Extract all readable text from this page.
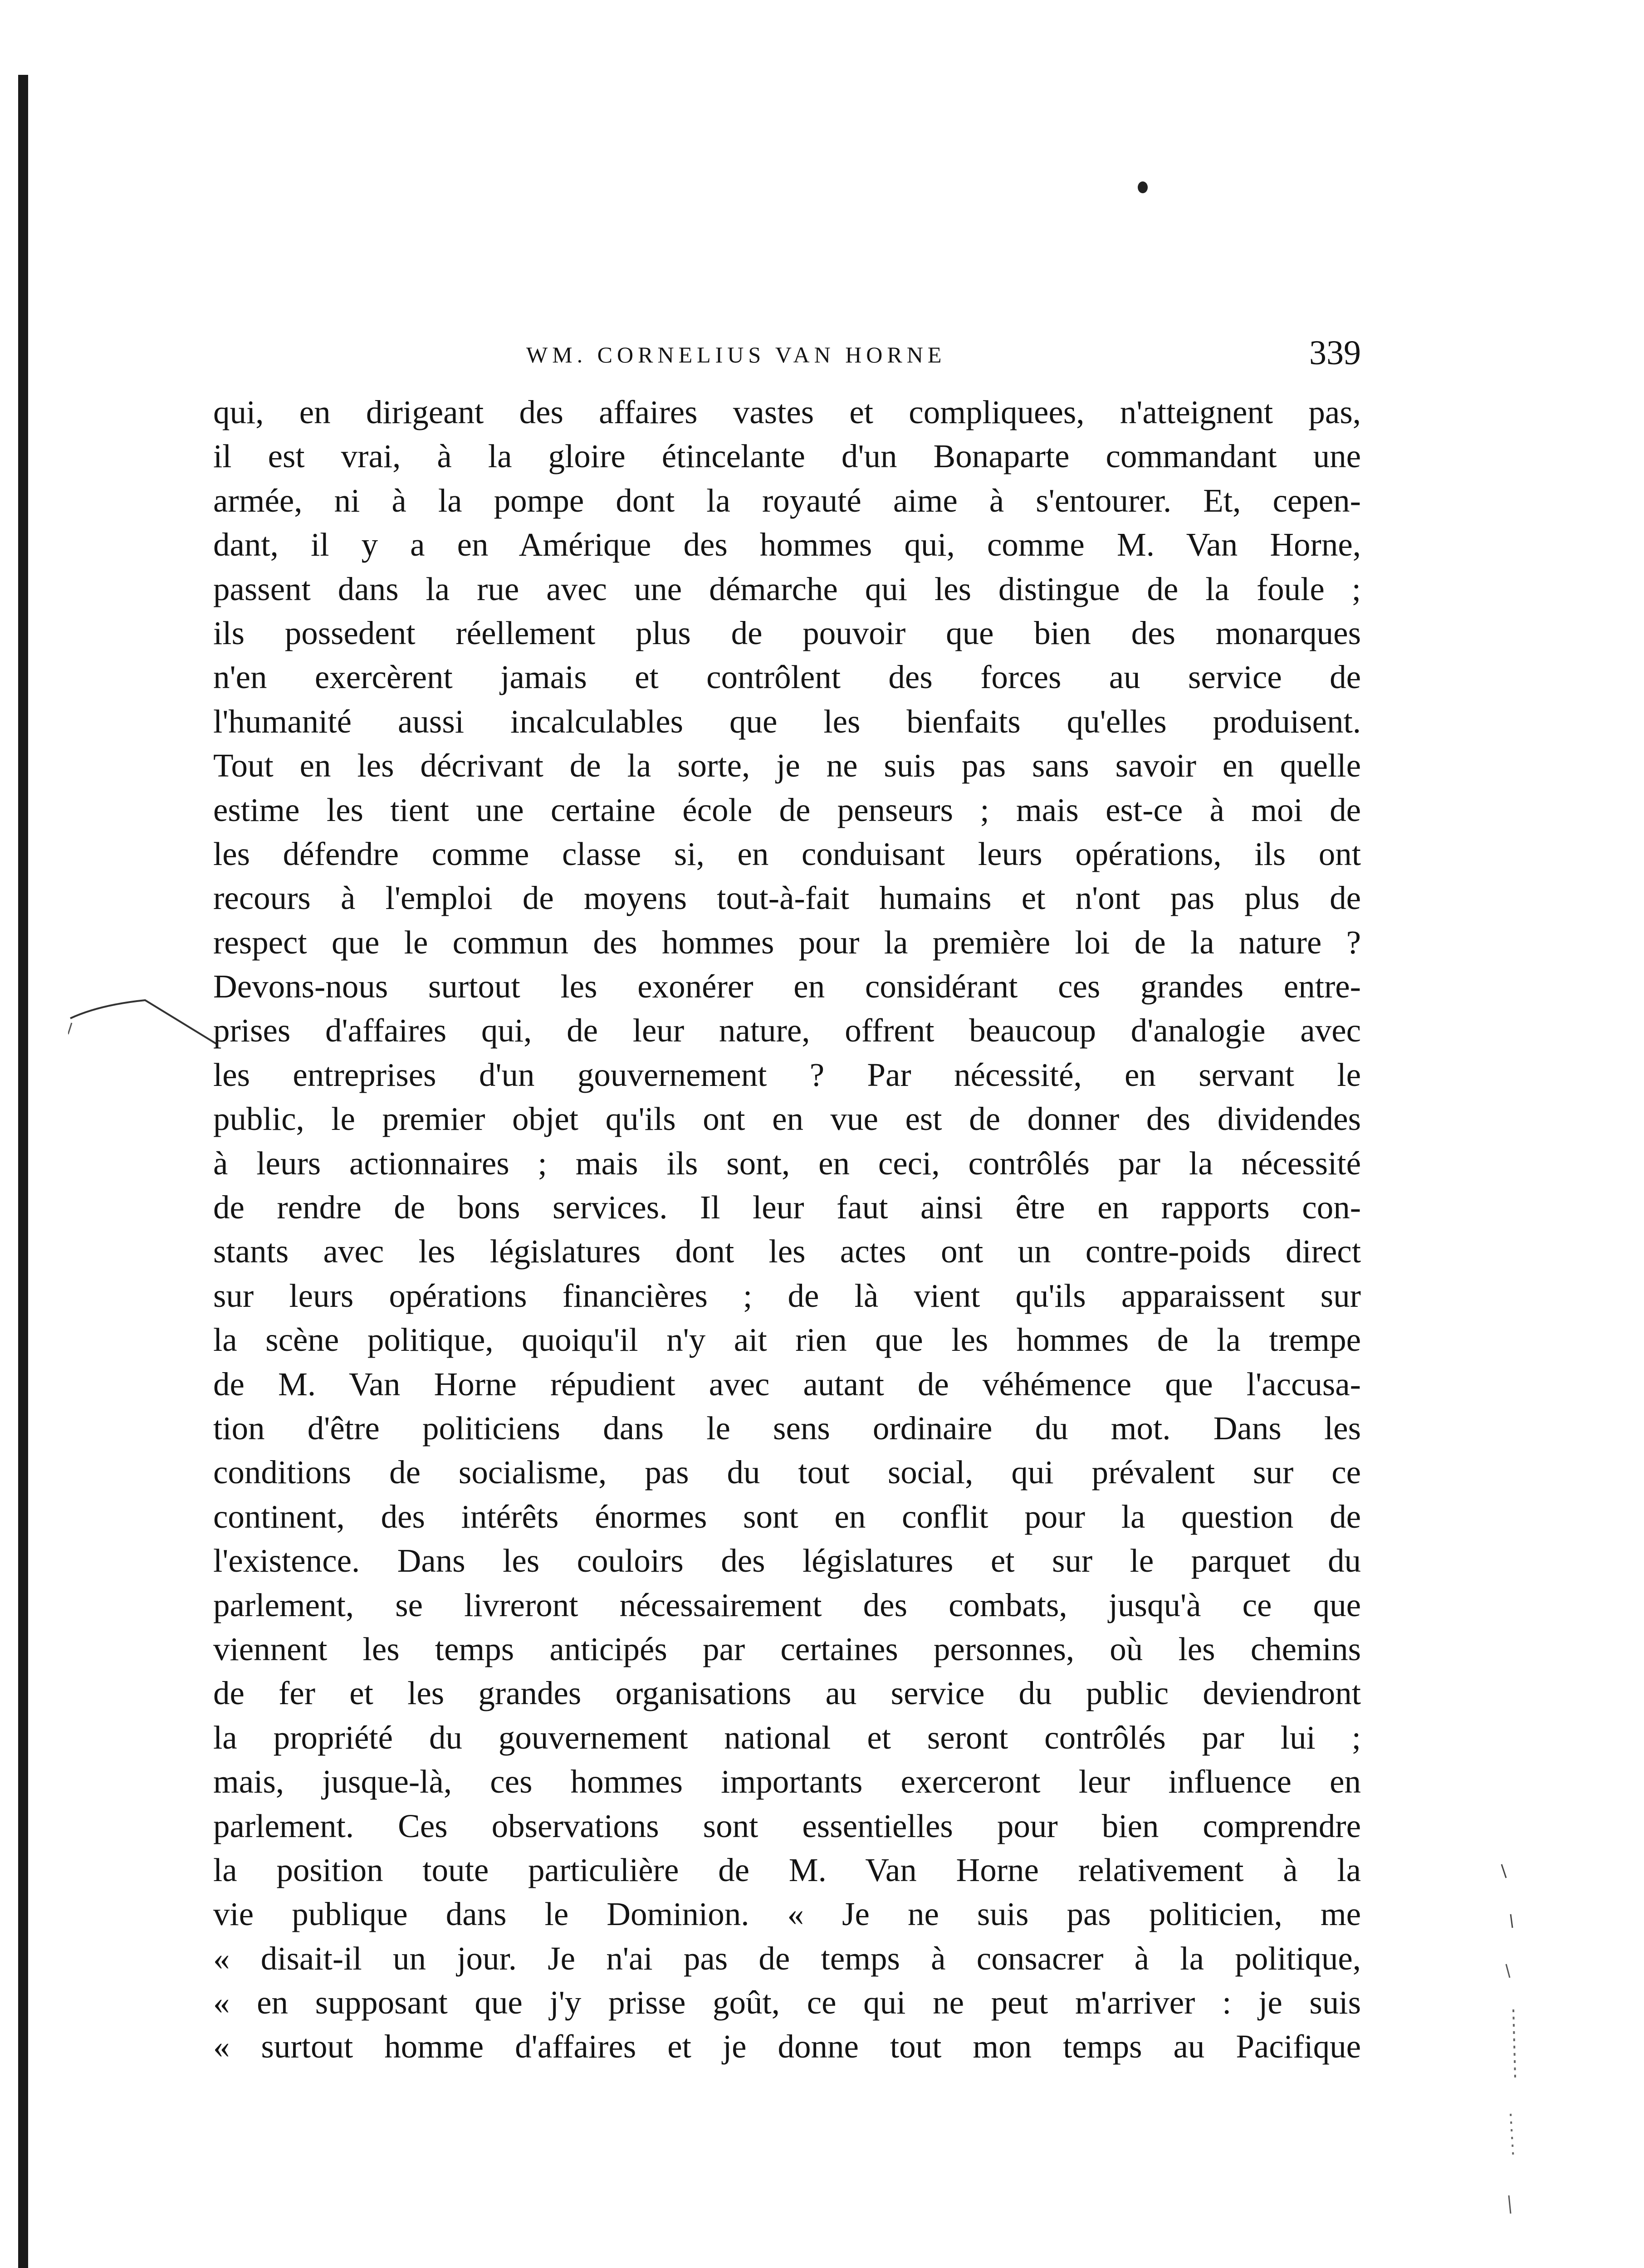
WM. CORNELIUS VAN HORNE	339
qui, en dirigeant des affaires vastes et compliquees, n'atteignent pas,
il est vrai, à la gloire étincelante d'un Bonaparte commandant une
armée, ni à la pompe dont la royauté aime à s'entourer. Et, cepen-
dant, il y a en Amérique des hommes qui, comme M. Van Horne,
passent dans la rue avec une démarche qui les distingue de la foule ;
ils possedent réellement plus de pouvoir que bien des monarques
n'en exercèrent jamais et contrôlent des forces au service de
l'humanité aussi incalculables que les bienfaits qu'elles produisent.
Tout en les décrivant de la sorte, je ne suis pas sans savoir en quelle
estime les tient une certaine école de penseurs ; mais est-ce à moi de
les défendre comme classe si, en conduisant leurs opérations, ils ont
recours à l'emploi de moyens tout-à-fait humains et n'ont pas plus de
respect que le commun des hommes pour la première loi de la nature ?
Devons-nous surtout les exonérer en considérant ces grandes entre-
prises d'affaires qui, de leur nature, offrent beaucoup d'analogie avec
les entreprises d'un gouvernement ? Par nécessité, en servant le
public, le premier objet qu'ils ont en vue est de donner des dividendes
à leurs actionnaires ; mais ils sont, en ceci, contrôlés par la nécessité
de rendre de bons services. Il leur faut ainsi être en rapports con-
stants avec les législatures dont les actes ont un contre-poids direct
sur leurs opérations financières ; de là vient qu'ils apparaissent sur
la scène politique, quoiqu'il n'y ait rien que les hommes de la trempe
de M. Van Horne répudient avec autant de véhémence que l'accusa-
tion d'être politiciens dans le sens ordinaire du mot. Dans les
conditions de socialisme, pas du tout social, qui prévalent sur ce
continent, des intérêts énormes sont en conflit pour la question de
l'existence. Dans les couloirs des législatures et sur le parquet du
parlement, se livreront nécessairement des combats, jusqu'à ce que
viennent les temps anticipés par certaines personnes, où les chemins
de fer et les grandes organisations au service du public deviendront
la propriété du gouvernement national et seront contrôlés par lui ;
mais, jusque-là, ces hommes importants exerceront leur influence en
parlement. Ces observations sont essentielles pour bien comprendre
la position toute particulière de M. Van Horne relativement à la
vie publique dans le Dominion. « Je ne suis pas politicien, me
« disait-il un jour. Je n'ai pas de temps à consacrer à la politique,
« en supposant que j'y prisse goût, ce qui ne peut m'arriver : je suis
« surtout homme d'affaires et je donne tout mon temps au Pacifique
